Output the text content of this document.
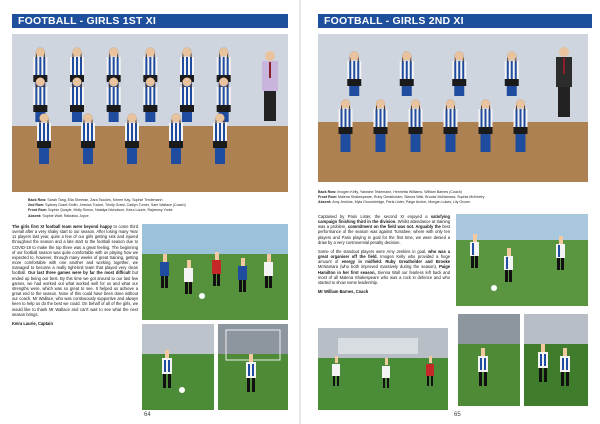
FOOTBALL - GIRLS 1ST XI
Back Row: Sarah Tang, Ella Sheeran, Zara Tsoules, Kirnee Kay, Sophie Tredemann
2nd Row: Sydney Grant-Smith, Jessica Tucker, Trinity Grant, Caitlyn Turner, Sam Wallace (Coach)
Front Row: Sophie Quayle, Molly Simon, Natalya Nicholson, Keira Laurie, Rajammy Yorke
Absent: Sophie Watt, Rabiatou Joyce
The girls first XI football team were beyond happy to come third overall after a very shaky start to our season. After losing many Year 11 players last year, quite a few of our girls getting sick and injured throughout the season and a late start to the football season due to COVID-19 to make the top three was a great feeling. The beginning of our football season was quite comfortable with us playing how we expected to, however, through many weeks of great training, getting more comfortable with one another and working together, we managed to become a really tight-knit team that played very clean football. Our last three games were by far the most difficult but ended up being our best. By this time we got around to our last few games, we had worked out what worked well for us and what our strengths were, which was so great to see. It helped us achieve a great end to the season. None of this could have been done without our coach, Mr Wallace, who was continuously supportive and always keen to help us do the best we could. On behalf of all of the girls, we would like to thank Mr Wallace and can't wait to see what the next season brings.
Keira Laurie, Captain
64
FOOTBALL - GIRLS 2ND XI
Back Row: Imogen Kelly, Yasmine Tedemann, Henrietta Williams, William Barnes (Coach)
Front Row: Malena Shakespeare, Ruby Greatholder, Sienna Wall, Brooke McNamara, Sophia McKeefry
Absent: Amy Jenkins, Myla Groombridge, Paris Lister, Paige Archer, Morgan Lukes, Lily Groom
Captained by Paris Lister, the second XI enjoyed a satisfying campaign finishing third in the division. Whilst attendance at training was a problem, commitment on the field was not. Arguably the best performance of the season was against Turrabee, where with only ten players and Paris playing in goal for the first time, we were denied a draw by a very controversial penalty decision.
Some of the standout players were Amy Jenkins in goal, who was a great organiser off the field. Imogen Kelly who provided a huge amount of energy in midfield. Ruby Greatholder and Brooke McNamara (who both improved massively during the season), Paige Hamilton in her first season, Sienna Wall our fearless left back and most of all Malena Shakespeare who was a rock in defence and who started to show some leadership.
Mr William Barnes, Coach
65
